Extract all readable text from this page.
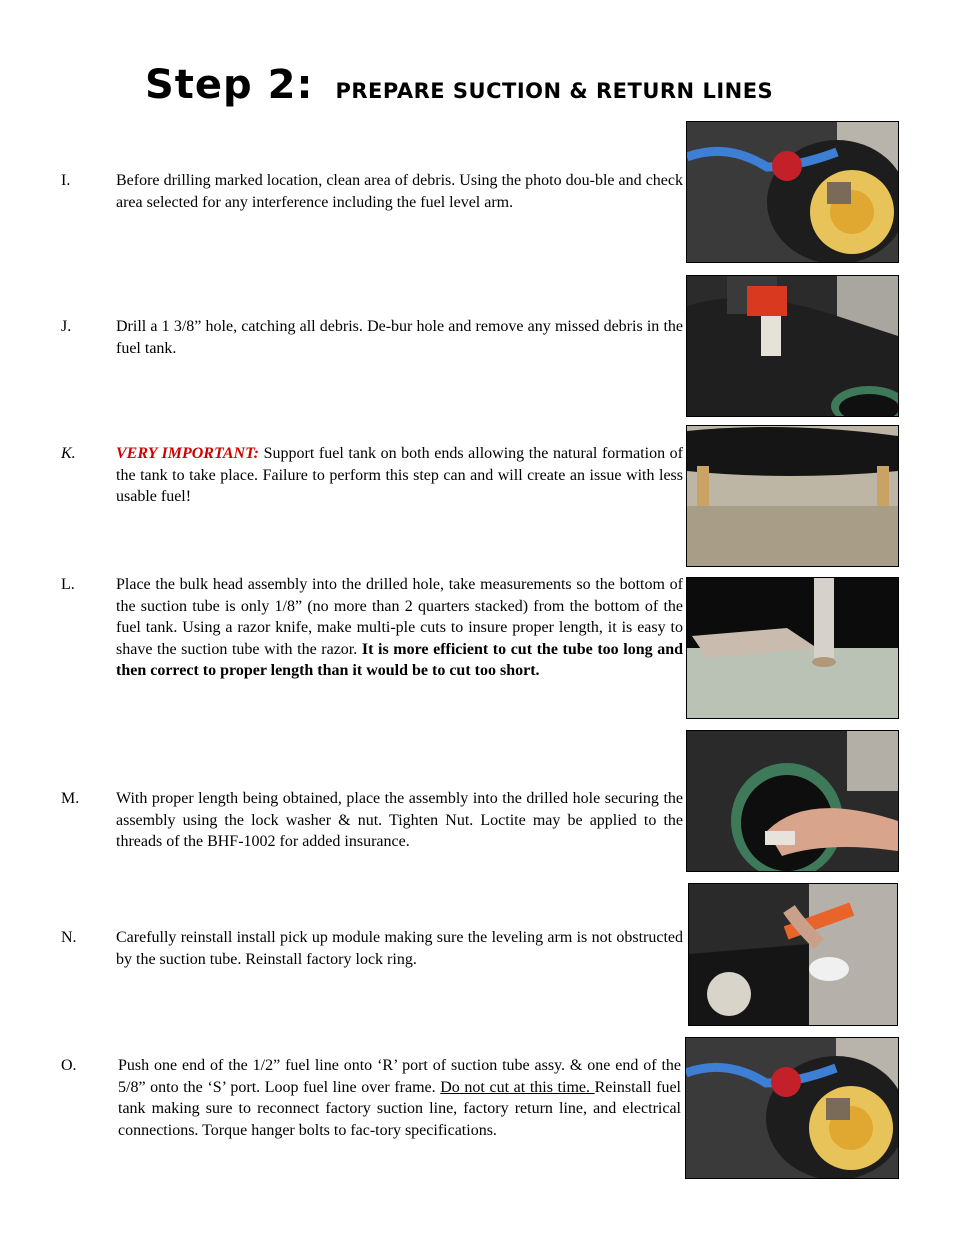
Step 2: PREPARE SUCTION & RETURN LINES
I.	Before drilling marked location, clean area of debris. Using the photo dou-ble and check area selected for any interference including the fuel level arm.
J.	Drill a 1 3/8” hole, catching all debris. De-bur hole and remove any missed debris in the fuel tank.
K.	VERY IMPORTANT: Support fuel tank on both ends allowing the natural formation of the tank to take place. Failure to perform this step can and will create an issue with less usable fuel!
L.	Place the bulk head assembly into the drilled hole, take measurements so the bottom of the suction tube is only 1/8” (no more than 2 quarters stacked) from the bottom of the fuel tank. Using a razor knife, make multi-ple cuts to insure proper length, it is easy to shave the suction tube with the razor. It is more efficient to cut the tube too long and then correct to proper length than it would be to cut too short.
M. With proper length being obtained, place the assembly into the drilled hole securing the assembly using the lock washer & nut. Tighten Nut. Loctite may be applied to the threads of the BHF-1002 for added insurance.
N. Carefully reinstall install pick up module making sure the leveling arm is not obstructed by the suction tube. Reinstall factory lock ring.
O.	Push one end of the 1/2” fuel line onto ‘R’ port of suction tube assy. & one end of the 5/8” onto the ‘S’ port. Loop fuel line over frame. Do not cut at this time. Reinstall fuel tank making sure to reconnect factory suction line, factory return line, and electrical connections. Torque hanger bolts to fac-tory specifications.
